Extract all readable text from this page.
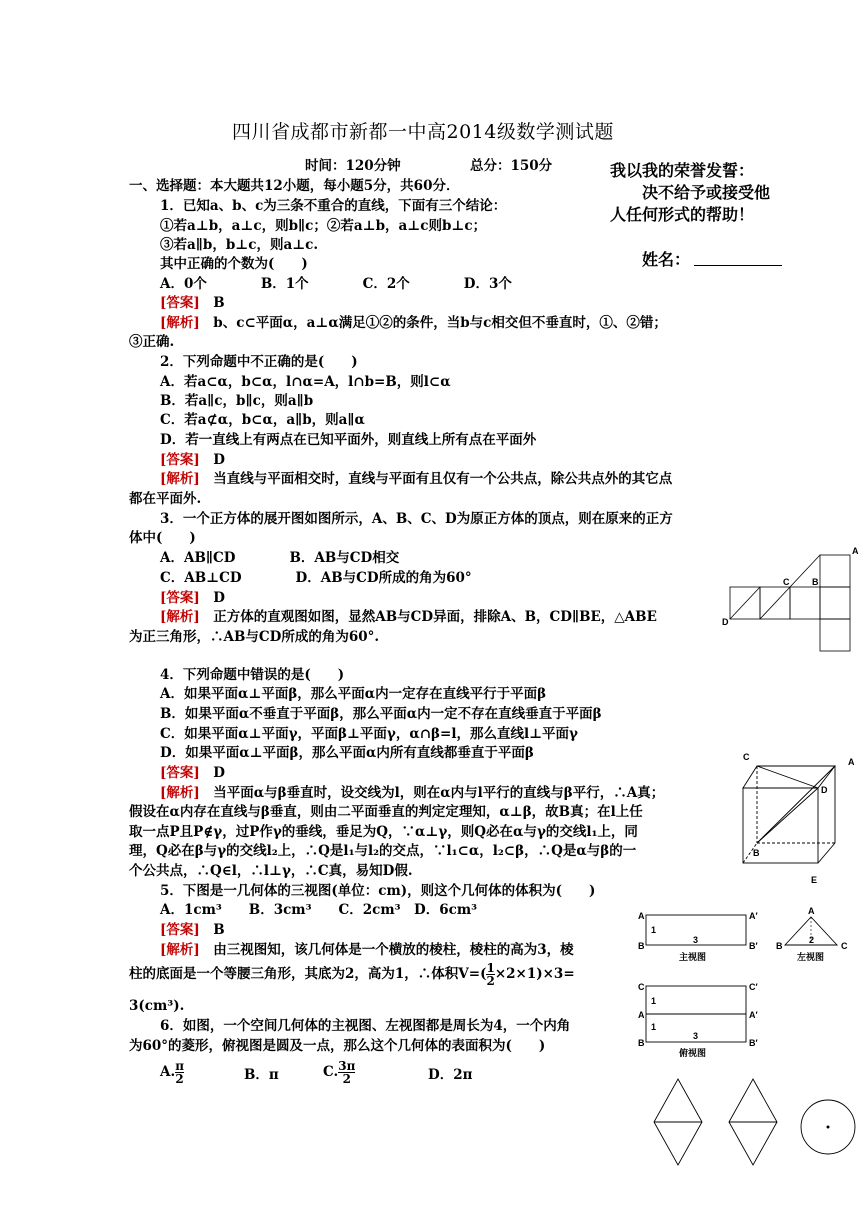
四川省成都市新都一中高2014级数学测试题
时间：120分钟	总分：150分	我以我的荣誉发誓：
决不给予或接受他
人任何形式的帮助！
姓名：
一、选择题：本大题共12小题，每小题5分，共60分．
1．已知a、b、c为三条不重合的直线，下面有三个结论：
①若a⊥b，a⊥c，则b∥c；②若a⊥b，a⊥c则b⊥c；
③若a∥b，b⊥c，则a⊥c.
其中正确的个数为(　　)
A．0个　　　　B．1个　　　　C．2个　　　　D．3个
[答案]　 B
[解析]　 b、c⊂平面α，a⊥α满足①②的条件，当b与c相交但不垂直时，①、②错；
③正确.
2．下列命题中不正确的是(　　)
A．若a⊂α，b⊂α，l∩α=A，l∩b=B，则l⊂α
B．若a∥c，b∥c，则a∥b
C．若a⊄α，b⊂α，a∥b，则a∥α
D．若一直线上有两点在已知平面外，则直线上所有点在平面外
[答案]　 D
[解析]　 当直线与平面相交时，直线与平面有且仅有一个公共点，除公共点外的其它点
都在平面外.
3．一个正方体的展开图如图所示，A、B、C、D为原正方体的顶点，则在原来的正方
体中(　　)
A．AB∥CD　　　　B．AB与CD相交
C．AB⊥CD　　　　D．AB与CD所成的角为60°
[答案]　 D
[解析]　 正方体的直观图如图，显然AB与CD异面，排除A、B，CD∥BE，△ABE
为正三角形，∴AB与CD所成的角为60°.
4．下列命题中错误的是(　　)
A．如果平面α⊥平面β，那么平面α内一定存在直线平行于平面β
B．如果平面α不垂直于平面β，那么平面α内一定不存在直线垂直于平面β
C．如果平面α⊥平面γ，平面β⊥平面γ，α∩β=l，那么直线l⊥平面γ
D．如果平面α⊥平面β，那么平面α内所有直线都垂直于平面β
[答案]　 D
[解析]　 当平面α与β垂直时，设交线为l，则在α内与l平行的直线与β平行，∴A真；
假设在α内存在直线与β垂直，则由二平面垂直的判定定理知，α⊥β，故B真；在l上任
取一点P且P∉γ，过P作γ的垂线，垂足为Q，∵α⊥γ，则Q必在α与γ的交线l₁上，同
理，Q必在β与γ的交线l₂上，∴Q是l₁与l₂的交点，∵l₁⊂α，l₂⊂β，∴Q是α与β的一
个公共点，∴Q∈l，∴l⊥γ，∴C真，易知D假.
5．下图是一几何体的三视图(单位：cm)，则这个几何体的体积为(　　)
A．1cm³　　B．3cm³　　C．2cm³　D．6cm³
[答案]　 B
[解析]　 由三视图知，该几何体是一个横放的棱柱，棱柱的高为3，棱
柱的底面是一个等腰三角形，其底为2，高为1，∴体积$V=( \frac{1}{2} \times 2\times 1)\times 3=$
3(cm³).
6．如图，一个空间几何体的主视图、左视图都是周长为4，一个内角
为60°的菱形，俯视图是圆及一点，那么这个几何体的表面积为(　　)
A. $\frac{\pi}{2}$	B．π	C. $\frac{3\pi}{2}$	D．2π
A
C	B
D
C	A
D
B
E
A	A′
B	B′
1
3
主视图
A
B	C
2
左视图
C	C′
A	A′
B	B′
1
1
3
俯视图
